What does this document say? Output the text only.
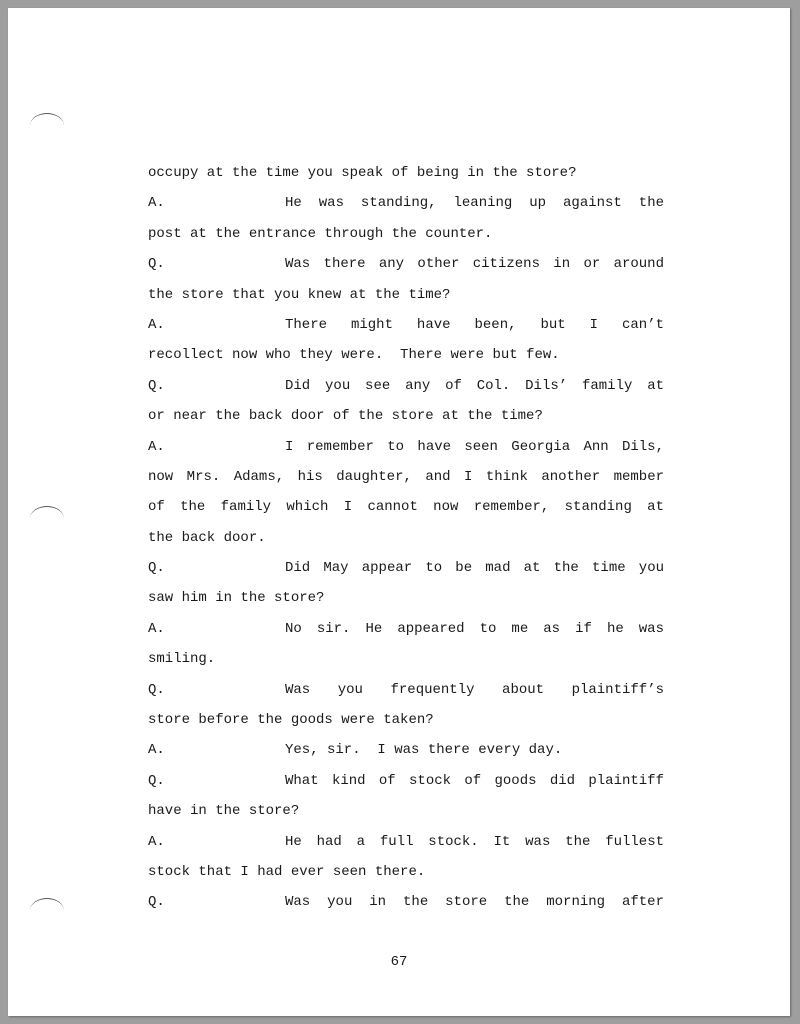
occupy at the time you speak of being in the store?
A.	He was standing, leaning up against the
post at the entrance through the counter.
Q.	Was there any other citizens in or around
the store that you knew at the time?
A.	There might have been, but I can’t
recollect now who they were.  There were but few.
Q.	Did you see any of Col. Dils’ family at
or near the back door of the store at the time?
A.	I remember to have seen Georgia Ann Dils,
now Mrs. Adams, his daughter, and I think another member
of the family which I cannot now remember, standing at
the back door.
Q.	Did May appear to be mad at the time you
saw him in the store?
A.	No sir. He appeared to me as if he was
smiling.
Q.	Was you frequently about plaintiff’s
store before the goods were taken?
A.	Yes, sir.  I was there every day.
Q.	What kind of stock of goods did plaintiff
have in the store?
A.	He had a full stock. It was the fullest
stock that I had ever seen there.
Q.	Was you in the store the morning after
67
